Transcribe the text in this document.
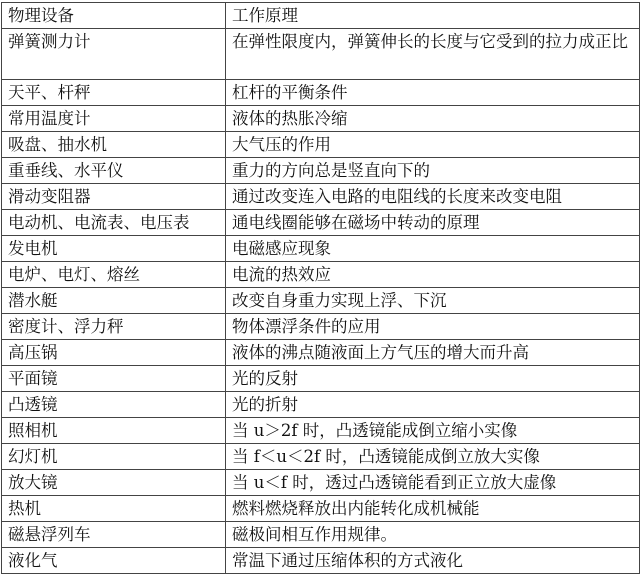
物理设备	工作原理
弹簧测力计	在弹性限度内，弹簧伸长的长度与它受到的拉力成正比
天平、杆秤	杠杆的平衡条件
常用温度计	液体的热胀冷缩
吸盘、抽水机	大气压的作用
重垂线、水平仪	重力的方向总是竖直向下的
滑动变阻器	通过改变连入电路的电阻线的长度来改变电阻
电动机、电流表、电压表	通电线圈能够在磁场中转动的原理
发电机	电磁感应现象
电炉、电灯、熔丝	电流的热效应
潜水艇	改变自身重力实现上浮、下沉
密度计、浮力秤	物体漂浮条件的应用
高压锅	液体的沸点随液面上方气压的增大而升高
平面镜	光的反射
凸透镜	光的折射
照相机	当 u＞2f 时，凸透镜能成倒立缩小实像
幻灯机	当 f＜u＜2f 时，凸透镜能成倒立放大实像
放大镜	当 u＜f 时，透过凸透镜能看到正立放大虚像
热机	燃料燃烧释放出内能转化成机械能
磁悬浮列车	磁极间相互作用规律。
液化气	常温下通过压缩体积的方式液化
